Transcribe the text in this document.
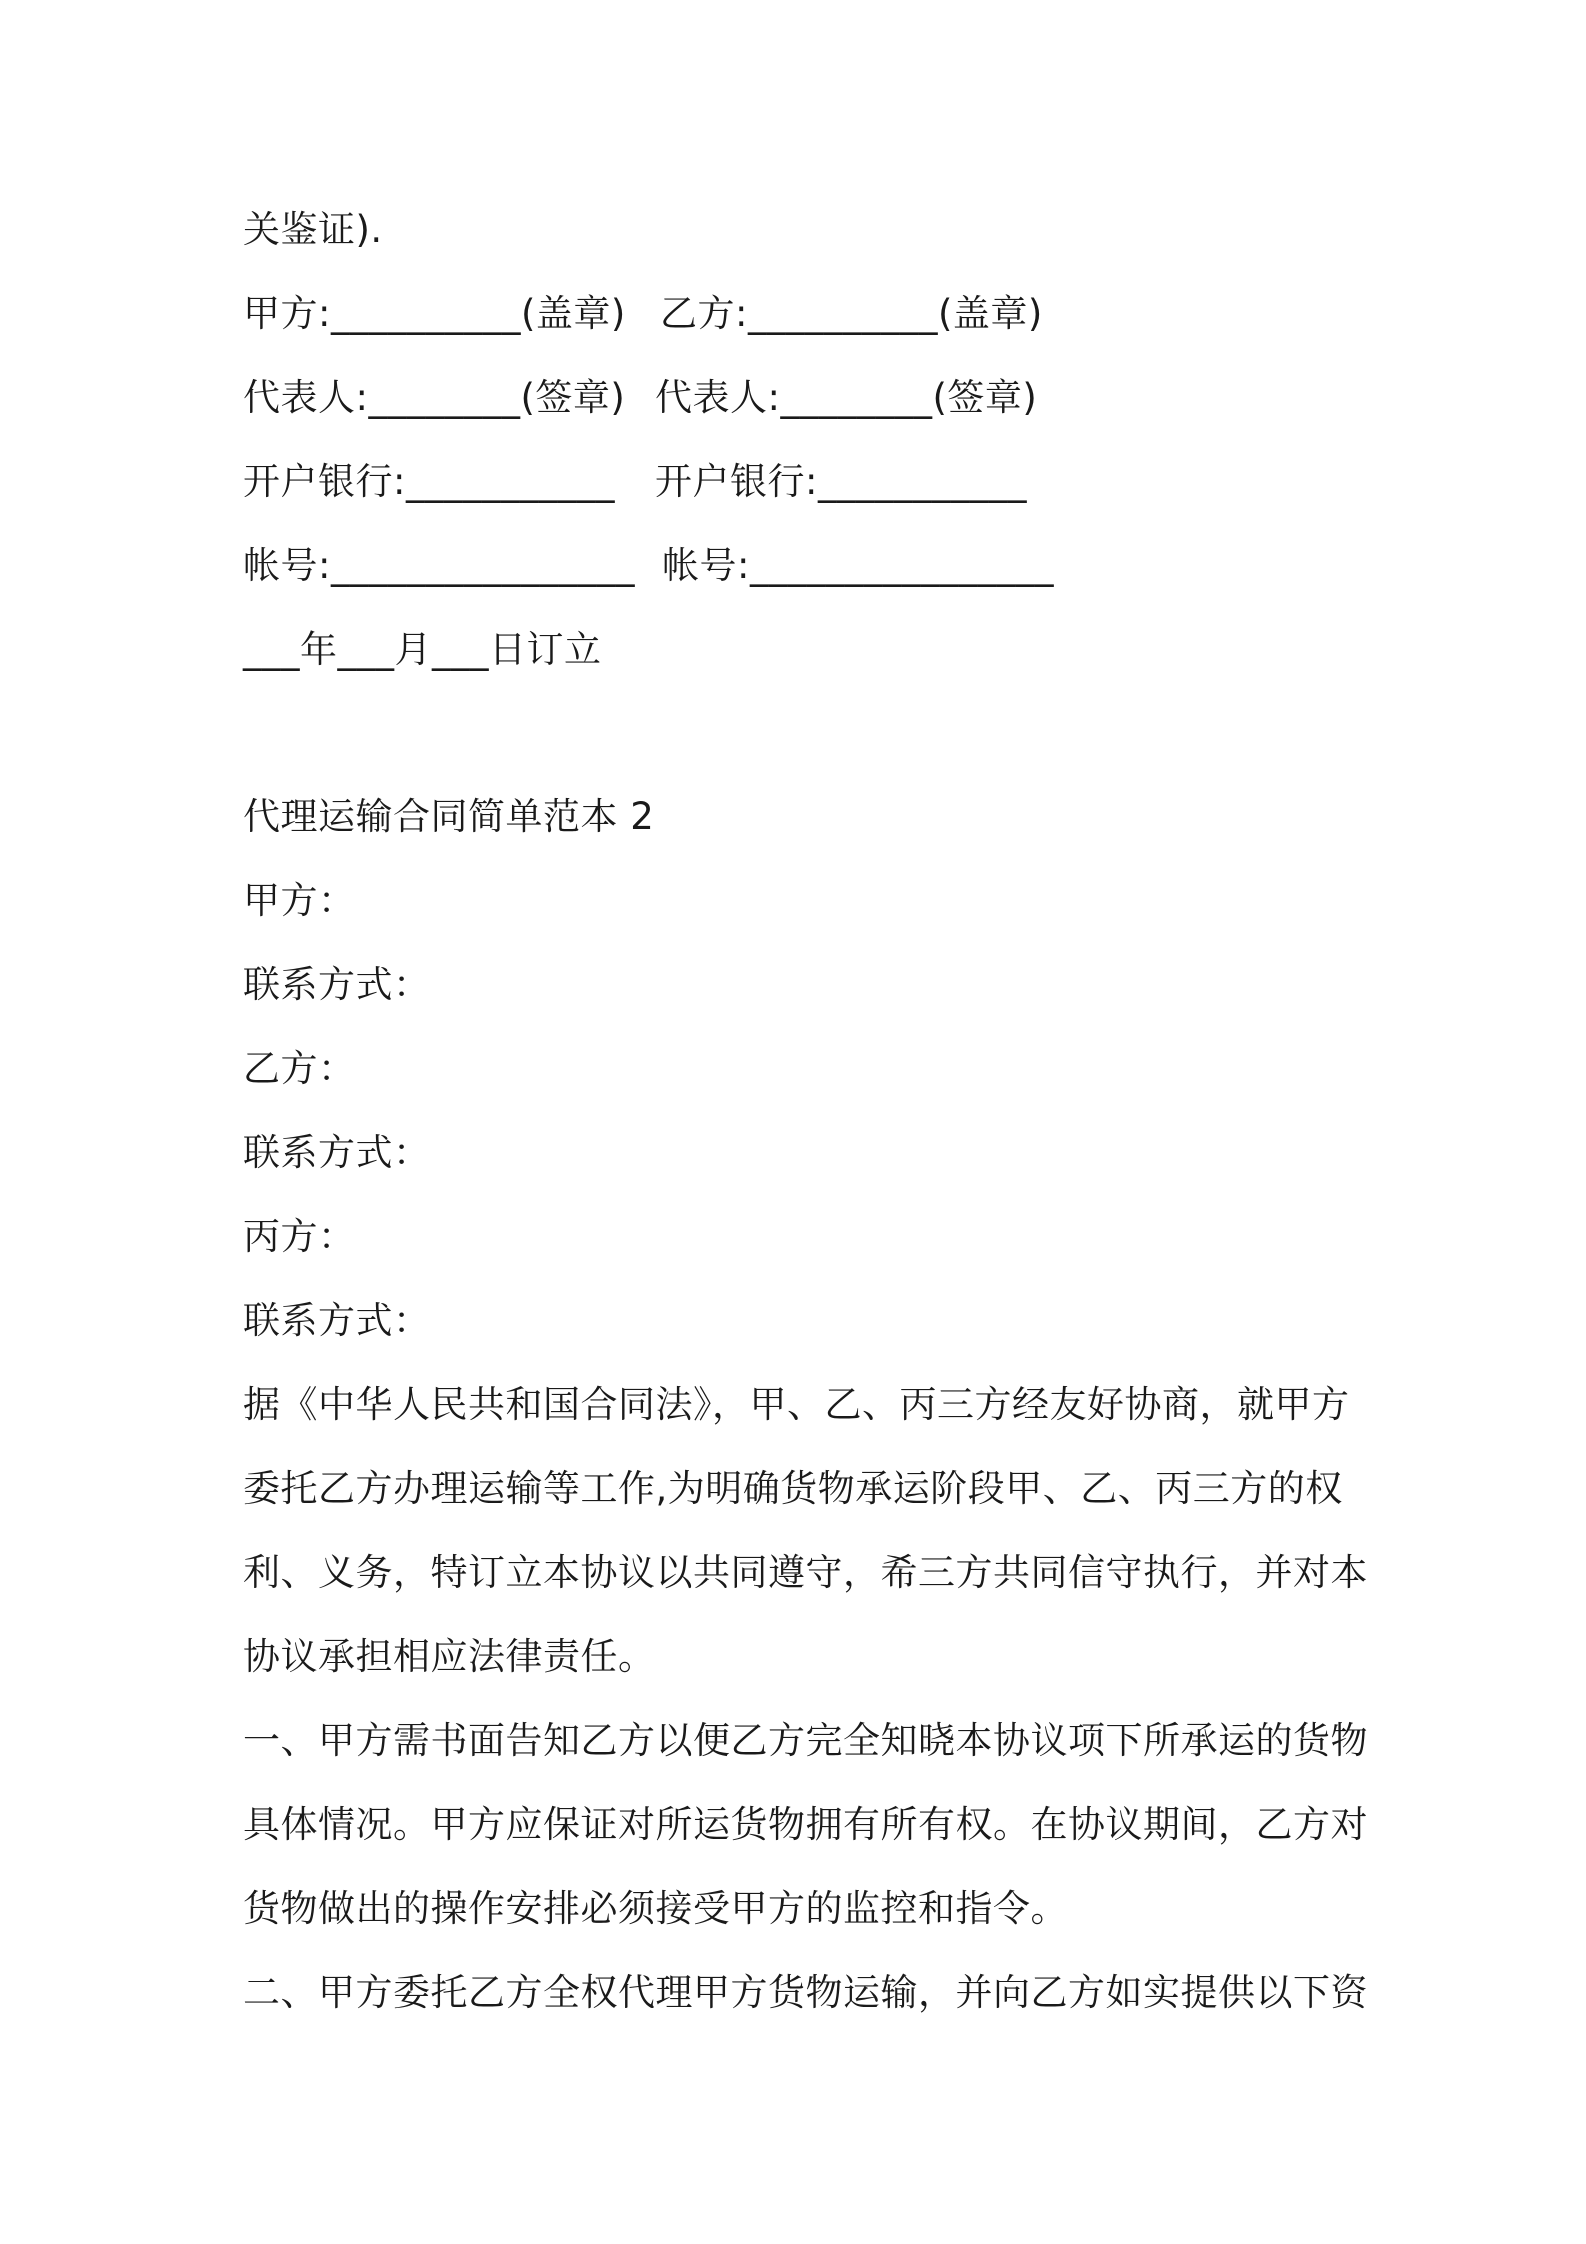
关鉴证).
甲方:__________(盖章) 乙方:__________(盖章)
代表人:________(签章) 代表人:________(签章)
开户银行:___________ 开户银行:___________
帐号:________________ 帐号:________________
___年___月___日订立
代理运输合同简单范本 2
甲方：
联系方式：
乙方：
联系方式：
丙方：
联系方式：
据《中华人民共和国合同法》，甲、乙、丙三方经友好协商，就甲方
委托乙方办理运输等工作,为明确货物承运阶段甲、乙、丙三方的权
利、义务，特订立本协议以共同遵守，希三方共同信守执行，并对本
协议承担相应法律责任。
一、甲方需书面告知乙方以便乙方完全知晓本协议项下所承运的货物
具体情况。甲方应保证对所运货物拥有所有权。在协议期间，乙方对
货物做出的操作安排必须接受甲方的监控和指令。
二、甲方委托乙方全权代理甲方货物运输，并向乙方如实提供以下资
